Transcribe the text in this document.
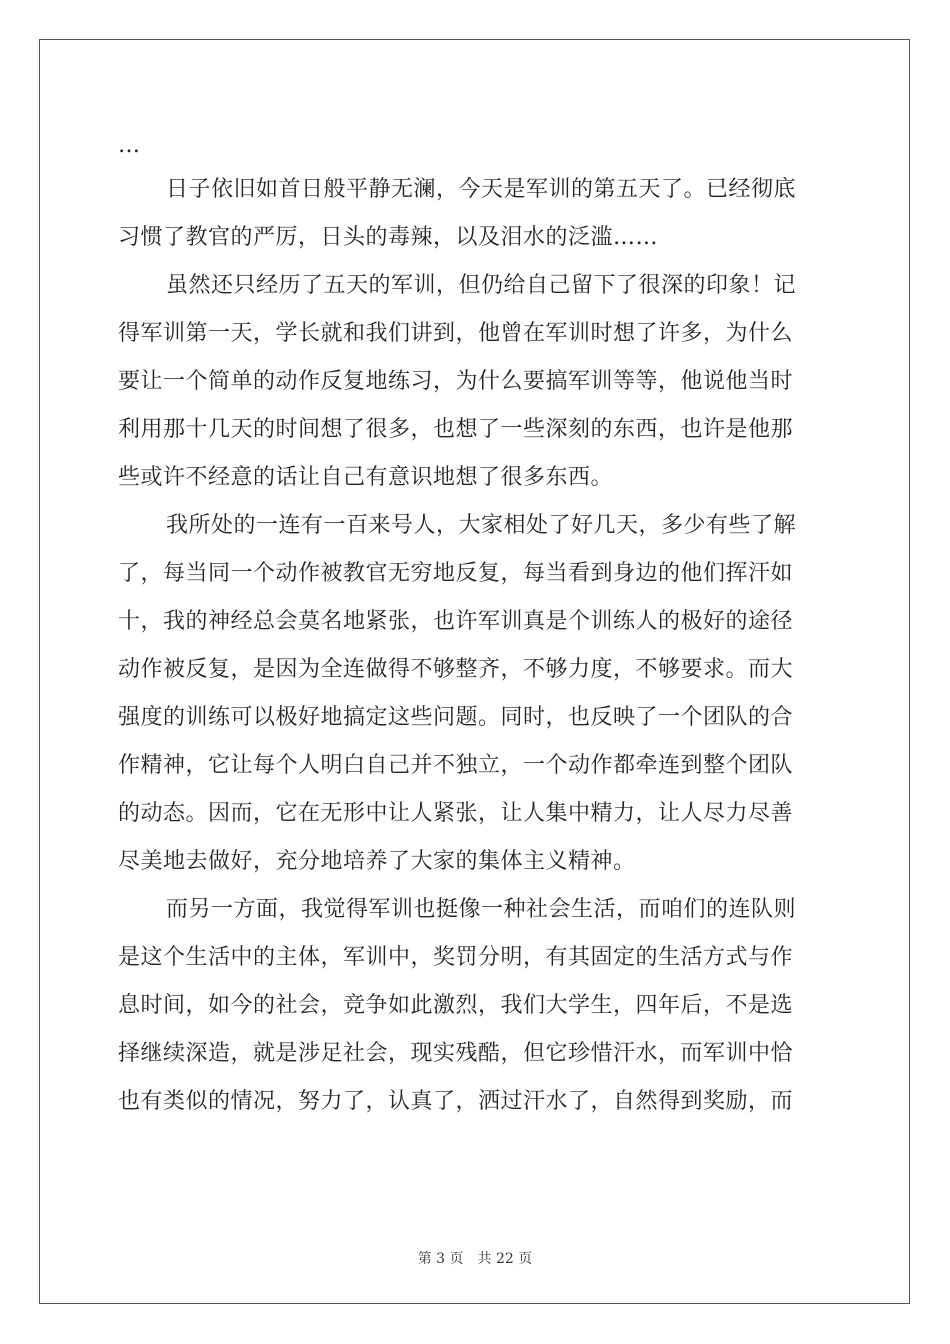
…
日子依旧如首日般平静无澜，今天是军训的第五天了。已经彻底
习惯了教官的严厉，日头的毒辣，以及泪水的泛滥……
虽然还只经历了五天的军训，但仍给自己留下了很深的印象！记
得军训第一天，学长就和我们讲到，他曾在军训时想了许多，为什么
要让一个简单的动作反复地练习，为什么要搞军训等等，他说他当时
利用那十几天的时间想了很多，也想了一些深刻的东西，也许是他那
些或许不经意的话让自己有意识地想了很多东西。
我所处的一连有一百来号人，大家相处了好几天，多少有些了解
了，每当同一个动作被教官无穷地反复，每当看到身边的他们挥汗如
十，我的神经总会莫名地紧张，也许军训真是个训练人的极好的途径
动作被反复，是因为全连做得不够整齐，不够力度，不够要求。而大
强度的训练可以极好地搞定这些问题。同时，也反映了一个团队的合
作精神，它让每个人明白自己并不独立，一个动作都牵连到整个团队
的动态。因而，它在无形中让人紧张，让人集中精力，让人尽力尽善
尽美地去做好，充分地培养了大家的集体主义精神。
而另一方面，我觉得军训也挺像一种社会生活，而咱们的连队则
是这个生活中的主体，军训中，奖罚分明，有其固定的生活方式与作
息时间，如今的社会，竞争如此激烈，我们大学生，四年后，不是选
择继续深造，就是涉足社会，现实残酷，但它珍惜汗水，而军训中恰
也有类似的情况，努力了，认真了，洒过汗水了，自然得到奖励，而
第 3 页　共 22 页
